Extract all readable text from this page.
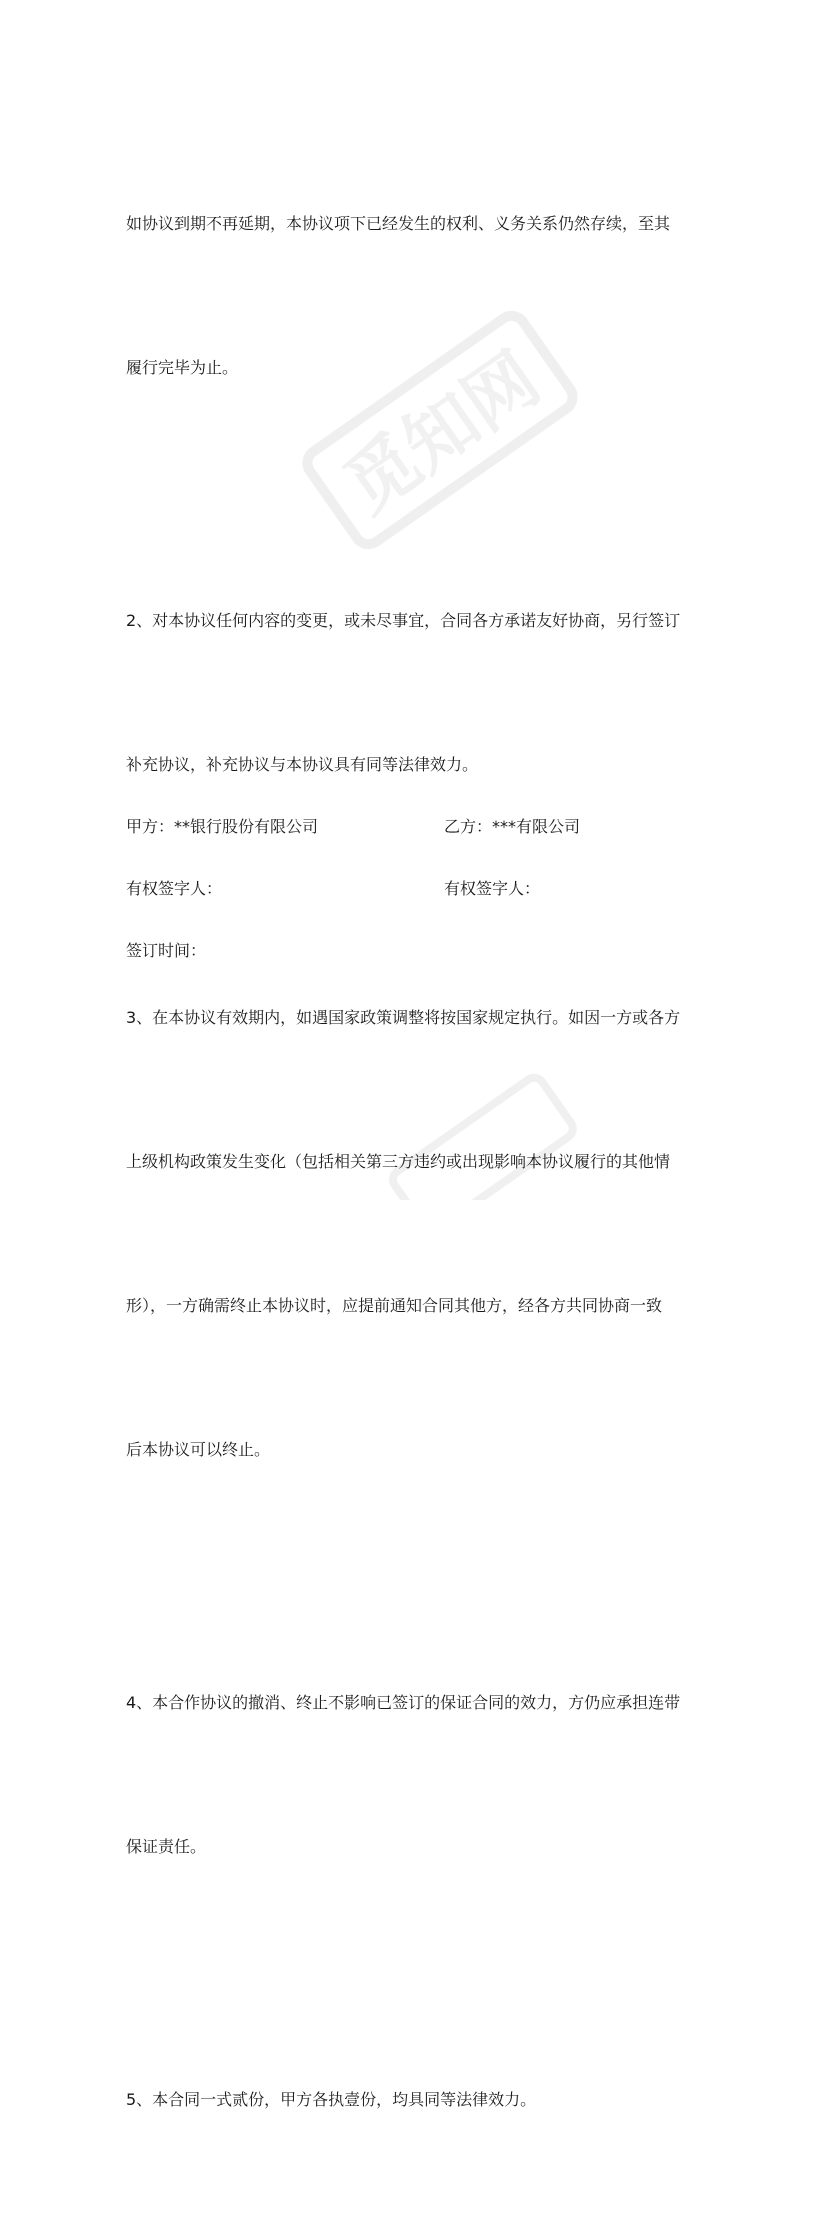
觅知网

如协议到期不再延期，本协议项下已经发生的权利、义务关系仍然存续，至其

履行完毕为止。

2、对本协议任何内容的变更，或未尽事宜，合同各方承诺友好协商，另行签订

补充协议，补充协议与本协议具有同等法律效力。

3、在本协议有效期内，如遇国家政策调整将按国家规定执行。如因一方或各方

上级机构政策发生变化（包括相关第三方违约或出现影响本协议履行的其他情

形），一方确需终止本协议时，应提前通知合同其他方，经各方共同协商一致

后本协议可以终止。

4、本合作协议的撤消、终止不影响已签订的保证合同的效力，方仍应承担连带

保证责任。

5、本合同一式贰份，甲方各执壹份，均具同等法律效力。

甲方：**银行股份有限公司	乙方：***有限公司
有权签字人：	有权签字人：
签订时间：
